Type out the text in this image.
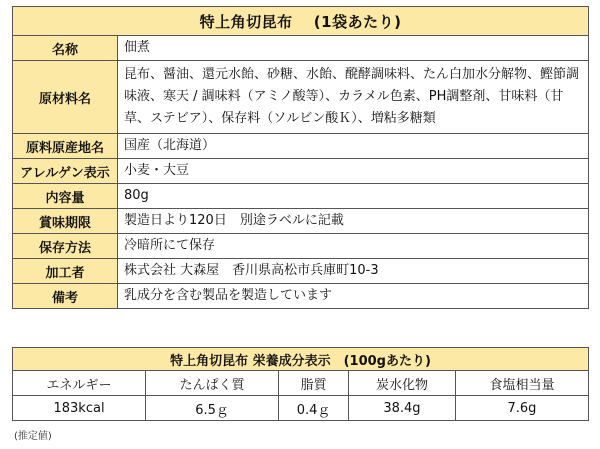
特上角切昆布　 (1袋あたり)	
名称	佃煮
原材料名	昆布、醤油、還元水飴、砂糖、水飴、醗酵調味料、たん白加水分解物、鰹節調味液、寒天 / 調味料（アミノ酸等）、カラメル色素、PH調整剤、甘味料（甘草、ステビア）、保存料（ソルビン酸Ｋ）、増粘多糖類
原料原産地名	国産（北海道）
アレルゲン表示	小麦・大豆
内容量	80g
賞味期限	製造日より120日　別途ラベルに記載
保存方法	冷暗所にて保存
加工者	株式会社 大森屋　香川県高松市兵庫町10-3
備考	乳成分を含む製品を製造しています
特上角切昆布 栄養成分表示　(100gあたり)				
エネルギー	たんぱく質	脂質	炭水化物	食塩相当量
183kcal	6.5ｇ	0.4ｇ	38.4g	7.6g
(推定値)
